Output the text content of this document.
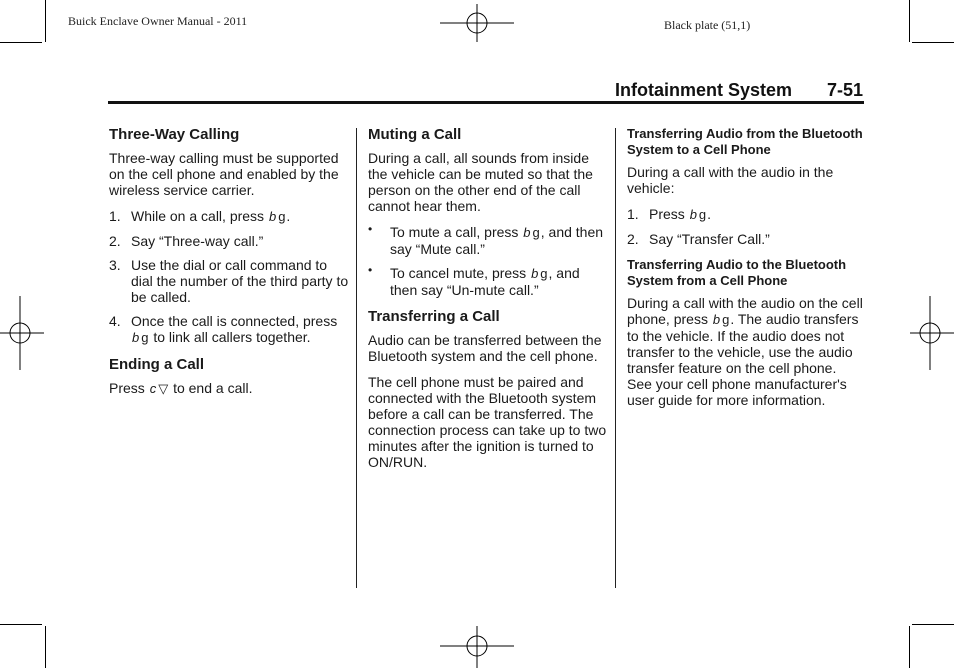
Buick Enclave Owner Manual - 2011	Black plate (51,1)
Infotainment System 7-51
Three-Way Calling

Three-way calling must be supported on the cell phone and enabled by the wireless service carrier.

1. While on a call, press b g.
2. Say “Three-way call.”
3. Use the dial or call command to dial the number of the third party to be called.
4. Once the call is connected, press b g to link all callers together.
Ending a Call

Press c ▽ to end a call.

Muting a Call

During a call, all sounds from inside the vehicle can be muted so that the person on the other end of the call cannot hear them.

• To mute a call, press b g, and then say “Mute call.”
• To cancel mute, press b g, and then say “Un-mute call.”
Transferring a Call

Audio can be transferred between the Bluetooth system and the cell phone.

The cell phone must be paired and connected with the Bluetooth system before a call can be transferred. The connection process can take up to two minutes after the ignition is turned to ON/RUN.

Transferring Audio from the Bluetooth System to a Cell Phone

During a call with the audio in the vehicle:

1. Press b g.
2. Say “Transfer Call.”
Transferring Audio to the Bluetooth System from a Cell Phone

During a call with the audio on the cell phone, press b g. The audio transfers to the vehicle. If the audio does not transfer to the vehicle, use the audio transfer feature on the cell phone. See your cell phone manufacturer's user guide for more information.
